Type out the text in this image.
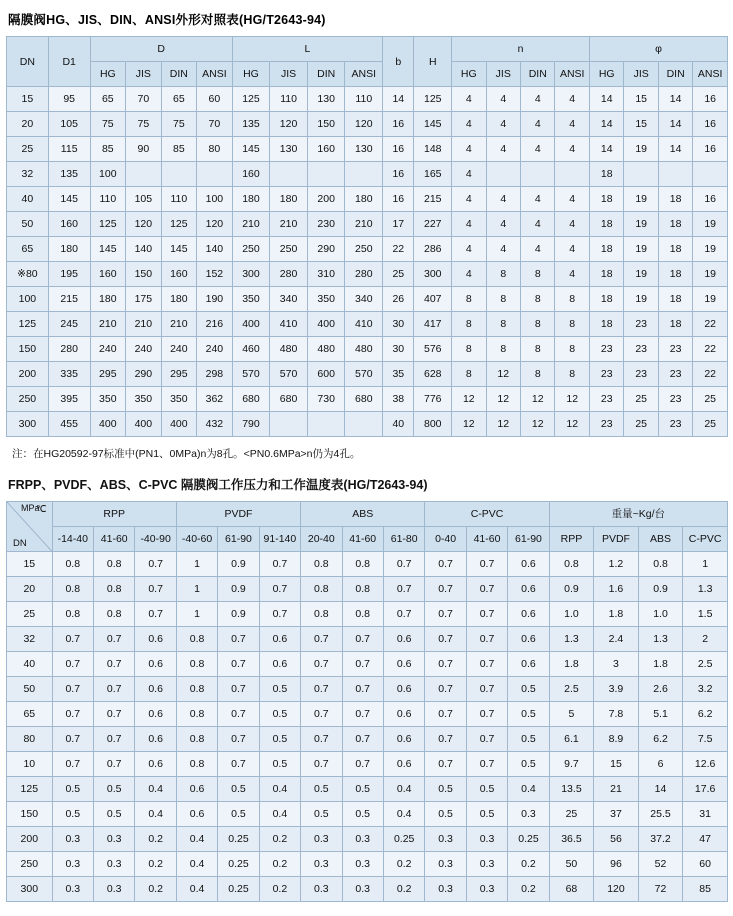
隔膜阀HG、JIS、DIN、ANSI外形对照表(HG/T2643-94)
DN	D1	D				L				b	H	n				φ			
		HG	JIS	DIN	ANSI	HG	JIS	DIN	ANSI			HG	JIS	DIN	ANSI	HG	JIS	DIN	ANSI
15	95	65	70	65	60	125	110	130	110	14	125	4	4	4	4	14	15	14	16
20	105	75	75	75	70	135	120	150	120	16	145	4	4	4	4	14	15	14	16
25	115	85	90	85	80	145	130	160	130	16	148	4	4	4	4	14	19	14	16
32	135	100				160				16	165	4				18			
40	145	110	105	110	100	180	180	200	180	16	215	4	4	4	4	18	19	18	16
50	160	125	120	125	120	210	210	230	210	17	227	4	4	4	4	18	19	18	19
65	180	145	140	145	140	250	250	290	250	22	286	4	4	4	4	18	19	18	19
※80	195	160	150	160	152	300	280	310	280	25	300	4	8	8	4	18	19	18	19
100	215	180	175	180	190	350	340	350	340	26	407	8	8	8	8	18	19	18	19
125	245	210	210	210	216	400	410	400	410	30	417	8	8	8	8	18	23	18	22
150	280	240	240	240	240	460	480	480	480	30	576	8	8	8	8	23	23	23	22
200	335	295	290	295	298	570	570	600	570	35	628	8	12	8	8	23	23	23	22
250	395	350	350	350	362	680	680	730	680	38	776	12	12	12	12	23	25	23	25
300	455	400	400	400	432	790				40	800	12	12	12	12	23	25	23	25
注：在HG20592-97标准中(PN1、0MPa)n为8孔。<PN0.6MPa>n仍为4孔。
FRPP、PVDF、ABS、C-PVC 隔膜阀工作压力和工作温度表(HG/T2643-94)
℃
DN
MPa	RPP			PVDF			ABS			C-PVC			重量~Kg/台			
	-14-40	41-60	-40-90	-40-60	61-90	91-140	20-40	41-60	61-80	0-40	41-60	61-90	RPP	PVDF	ABS	C-PVC
15	0.8	0.8	0.7	1	0.9	0.7	0.8	0.8	0.7	0.7	0.7	0.6	0.8	1.2	0.8	1
20	0.8	0.8	0.7	1	0.9	0.7	0.8	0.8	0.7	0.7	0.7	0.6	0.9	1.6	0.9	1.3
25	0.8	0.8	0.7	1	0.9	0.7	0.8	0.8	0.7	0.7	0.7	0.6	1.0	1.8	1.0	1.5
32	0.7	0.7	0.6	0.8	0.7	0.6	0.7	0.7	0.6	0.7	0.7	0.6	1.3	2.4	1.3	2
40	0.7	0.7	0.6	0.8	0.7	0.6	0.7	0.7	0.6	0.7	0.7	0.6	1.8	3	1.8	2.5
50	0.7	0.7	0.6	0.8	0.7	0.5	0.7	0.7	0.6	0.7	0.7	0.5	2.5	3.9	2.6	3.2
65	0.7	0.7	0.6	0.8	0.7	0.5	0.7	0.7	0.6	0.7	0.7	0.5	5	7.8	5.1	6.2
80	0.7	0.7	0.6	0.8	0.7	0.5	0.7	0.7	0.6	0.7	0.7	0.5	6.1	8.9	6.2	7.5
10	0.7	0.7	0.6	0.8	0.7	0.5	0.7	0.7	0.6	0.7	0.7	0.5	9.7	15	6	12.6
125	0.5	0.5	0.4	0.6	0.5	0.4	0.5	0.5	0.4	0.5	0.5	0.4	13.5	21	14	17.6
150	0.5	0.5	0.4	0.6	0.5	0.4	0.5	0.5	0.4	0.5	0.5	0.3	25	37	25.5	31
200	0.3	0.3	0.2	0.4	0.25	0.2	0.3	0.3	0.25	0.3	0.3	0.25	36.5	56	37.2	47
250	0.3	0.3	0.2	0.4	0.25	0.2	0.3	0.3	0.2	0.3	0.3	0.2	50	96	52	60
300	0.3	0.3	0.2	0.4	0.25	0.2	0.3	0.3	0.2	0.3	0.3	0.2	68	120	72	85
